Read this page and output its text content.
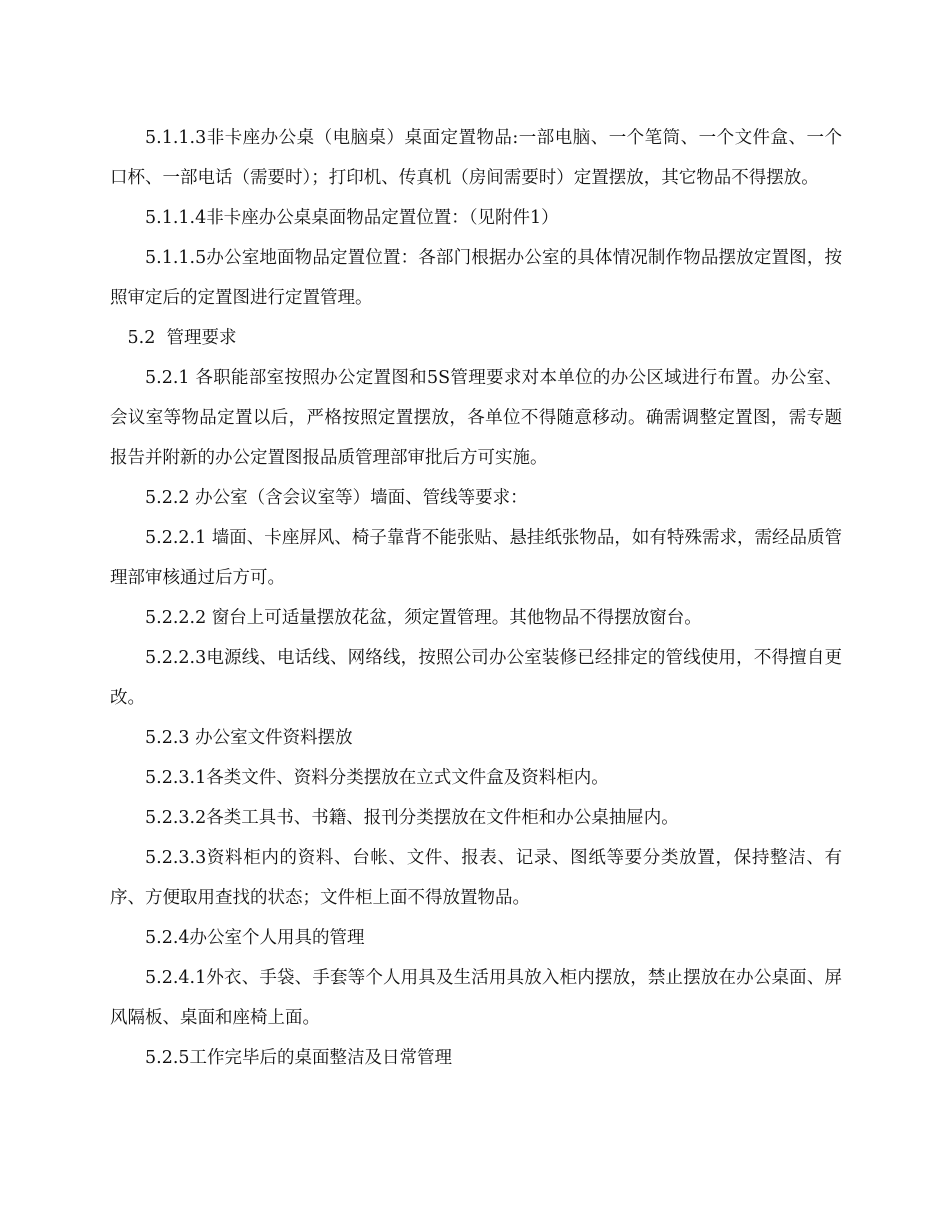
5.1.1.3非卡座办公桌（电脑桌）桌面定置物品:一部电脑、一个笔筒、一个文件盒、一个口杯、一部电话（需要时）；打印机、传真机（房间需要时）定置摆放，其它物品不得摆放。

5.1.1.4非卡座办公桌桌面物品定置位置：（见附件1）

5.1.1.5办公室地面物品定置位置：各部门根据办公室的具体情况制作物品摆放定置图，按照审定后的定置图进行定置管理。

5.2  管理要求

5.2.1 各职能部室按照办公定置图和5S管理要求对本单位的办公区域进行布置。办公室、会议室等物品定置以后，严格按照定置摆放，各单位不得随意移动。确需调整定置图，需专题报告并附新的办公定置图报品质管理部审批后方可实施。

5.2.2 办公室（含会议室等）墙面、管线等要求：

5.2.2.1 墙面、卡座屏风、椅子靠背不能张贴、悬挂纸张物品，如有特殊需求，需经品质管理部审核通过后方可。

5.2.2.2 窗台上可适量摆放花盆，须定置管理。其他物品不得摆放窗台。

5.2.2.3电源线、电话线、网络线，按照公司办公室装修已经排定的管线使用，不得擅自更改。

5.2.3 办公室文件资料摆放

5.2.3.1各类文件、资料分类摆放在立式文件盒及资料柜内。

5.2.3.2各类工具书、书籍、报刊分类摆放在文件柜和办公桌抽屉内。

5.2.3.3资料柜内的资料、台帐、文件、报表、记录、图纸等要分类放置，保持整洁、有序、方便取用查找的状态；文件柜上面不得放置物品。

5.2.4办公室个人用具的管理

5.2.4.1外衣、手袋、手套等个人用具及生活用具放入柜内摆放，禁止摆放在办公桌面、屏风隔板、桌面和座椅上面。

5.2.5工作完毕后的桌面整洁及日常管理
